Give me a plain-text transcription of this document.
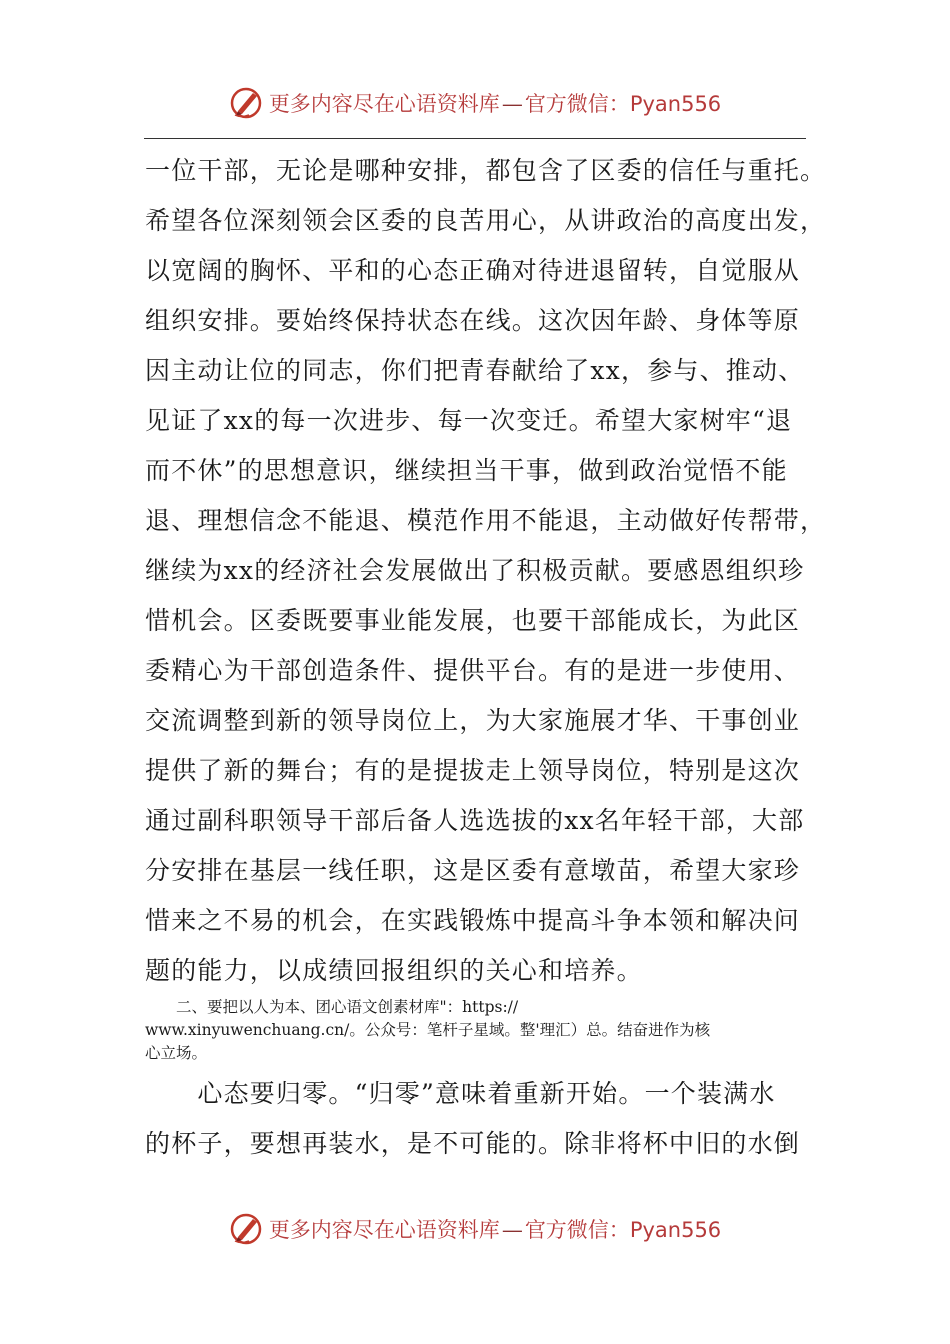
更多内容尽在心语资料库—官方微信：Pyan556
一位干部，无论是哪种安排，都包含了区委的信任与重托。
希望各位深刻领会区委的良苦用心，从讲政治的高度出发，
以宽阔的胸怀、平和的心态正确对待进退留转，自觉服从
组织安排。要始终保持状态在线。这次因年龄、身体等原
因主动让位的同志，你们把青春献给了xx，参与、推动、
见证了xx的每一次进步、每一次变迁。希望大家树牢“退
而不休”的思想意识，继续担当干事，做到政治觉悟不能
退、理想信念不能退、模范作用不能退，主动做好传帮带，
继续为xx的经济社会发展做出了积极贡献。要感恩组织珍
惜机会。区委既要事业能发展，也要干部能成长，为此区
委精心为干部创造条件、提供平台。有的是进一步使用、
交流调整到新的领导岗位上，为大家施展才华、干事创业
提供了新的舞台；有的是提拔走上领导岗位，特别是这次
通过副科职领导干部后备人选选拔的xx名年轻干部，大部
分安排在基层一线任职，这是区委有意墩苗，希望大家珍
惜来之不易的机会，在实践锻炼中提高斗争本领和解决问
题的能力，以成绩回报组织的关心和培养。
　　二、要把以人为本、团心语文创素材库"：https://
www.xinyuwenchuang.cn/。公众号：笔杆子星域。整'理汇）总。结奋进作为核
心立场。
　　心态要归零。“归零”意味着重新开始。一个装满水
的杯子，要想再装水，是不可能的。除非将杯中旧的水倒
更多内容尽在心语资料库—官方微信：Pyan556
